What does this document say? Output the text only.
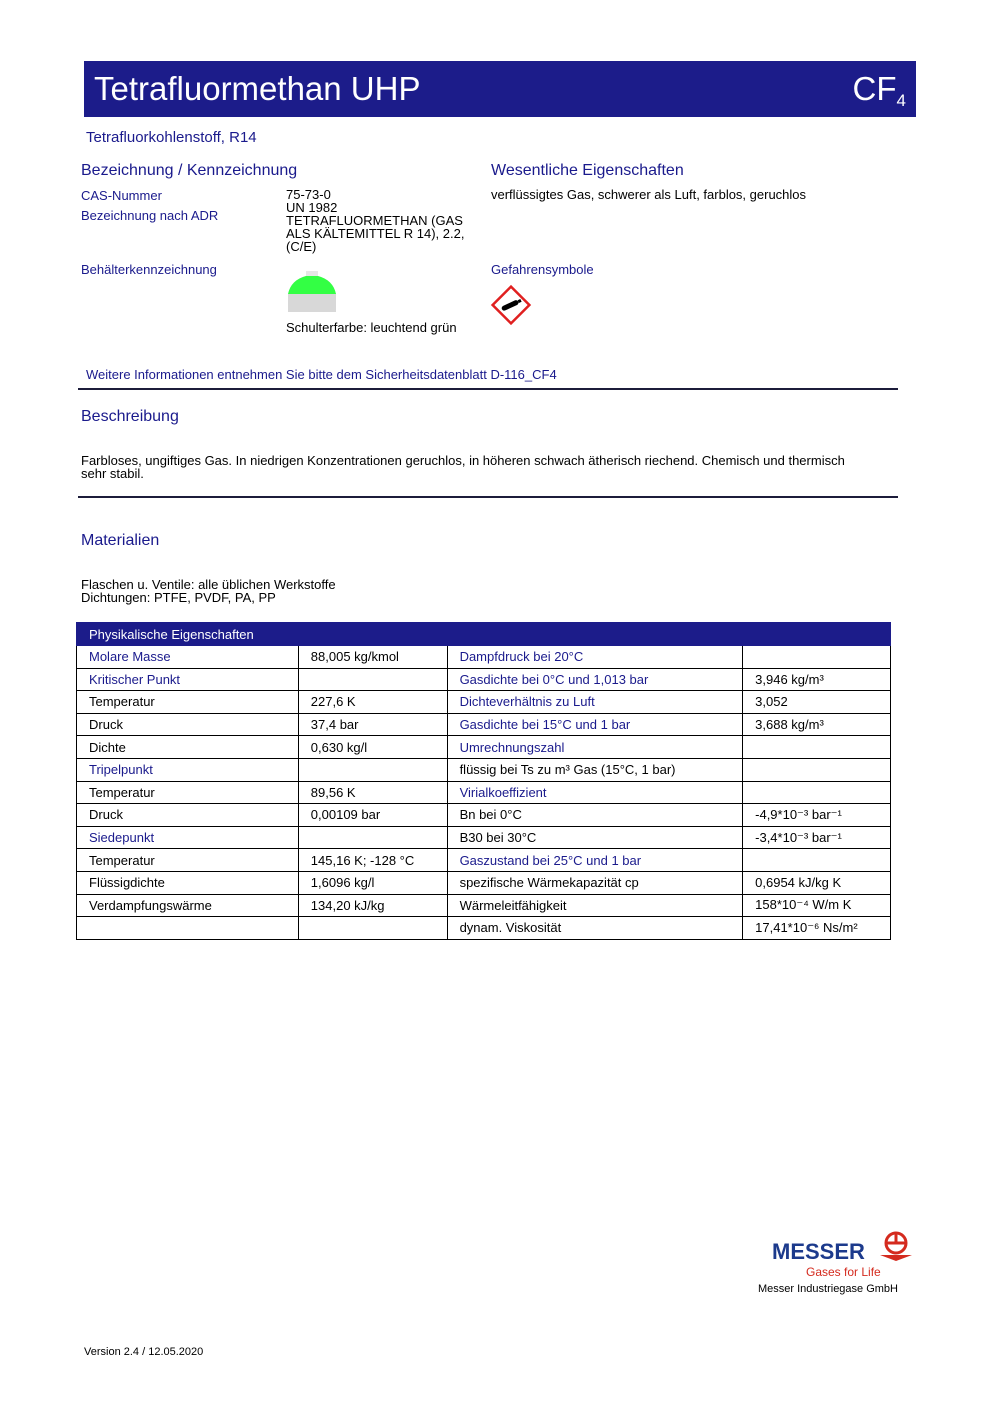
Tetrafluormethan UHP	$CF_4$
Tetrafluorkohlenstoff, R14
Bezeichnung / Kennzeichnung
CAS-Nummer	75-73-0
Bezeichnung nach ADR
UN 1982
TETRAFLUORMETHAN (GAS
ALS KÄLTEMITTEL R 14), 2.2,
(C/E)
Behälterkennzeichnung
Schulterfarbe: leuchtend grün
Wesentliche Eigenschaften
verflüssigtes Gas, schwerer als Luft, farblos, geruchlos
Gefahrensymbole
Weitere Informationen entnehmen Sie bitte dem Sicherheitsdatenblatt D-116_CF4
Beschreibung
Farbloses, ungiftiges Gas. In niedrigen Konzentrationen geruchlos, in höheren schwach ätherisch riechend. Chemisch und thermisch
sehr stabil.
Materialien
Flaschen u. Ventile: alle üblichen Werkstoffe
Dichtungen: PTFE, PVDF, PA, PP
Physikalische Eigenschaften			
Molare Masse	88,005 kg/kmol	Dampfdruck bei 20°C	
Kritischer Punkt		Gasdichte bei 0°C und 1,013 bar	3,946 kg/m³
Temperatur	227,6 K	Dichteverhältnis zu Luft	3,052
Druck	37,4 bar	Gasdichte bei 15°C und 1 bar	3,688 kg/m³
Dichte	0,630 kg/l	Umrechnungszahl	
Tripelpunkt		flüssig bei Ts zu m³ Gas (15°C, 1 bar)	
Temperatur	89,56 K	Virialkoeffizient	
Druck	0,00109 bar	Bn bei 0°C	-4,9*10⁻³ bar⁻¹
Siedepunkt		B30 bei 30°C	-3,4*10⁻³ bar⁻¹
Temperatur	145,16 K; -128 °C	Gaszustand bei 25°C und 1 bar	
Flüssigdichte	1,6096 kg/l	spezifische Wärmekapazität cp	0,6954 kJ/kg K
Verdampfungswärme	134,20 kJ/kg	Wärmeleitfähigkeit	158*10⁻⁴ W/m K
		dynam. Viskosität	17,41*10⁻⁶ Ns/m²
MESSER
Gases for Life
Messer Industriegase GmbH
Version 2.4 / 12.05.2020
